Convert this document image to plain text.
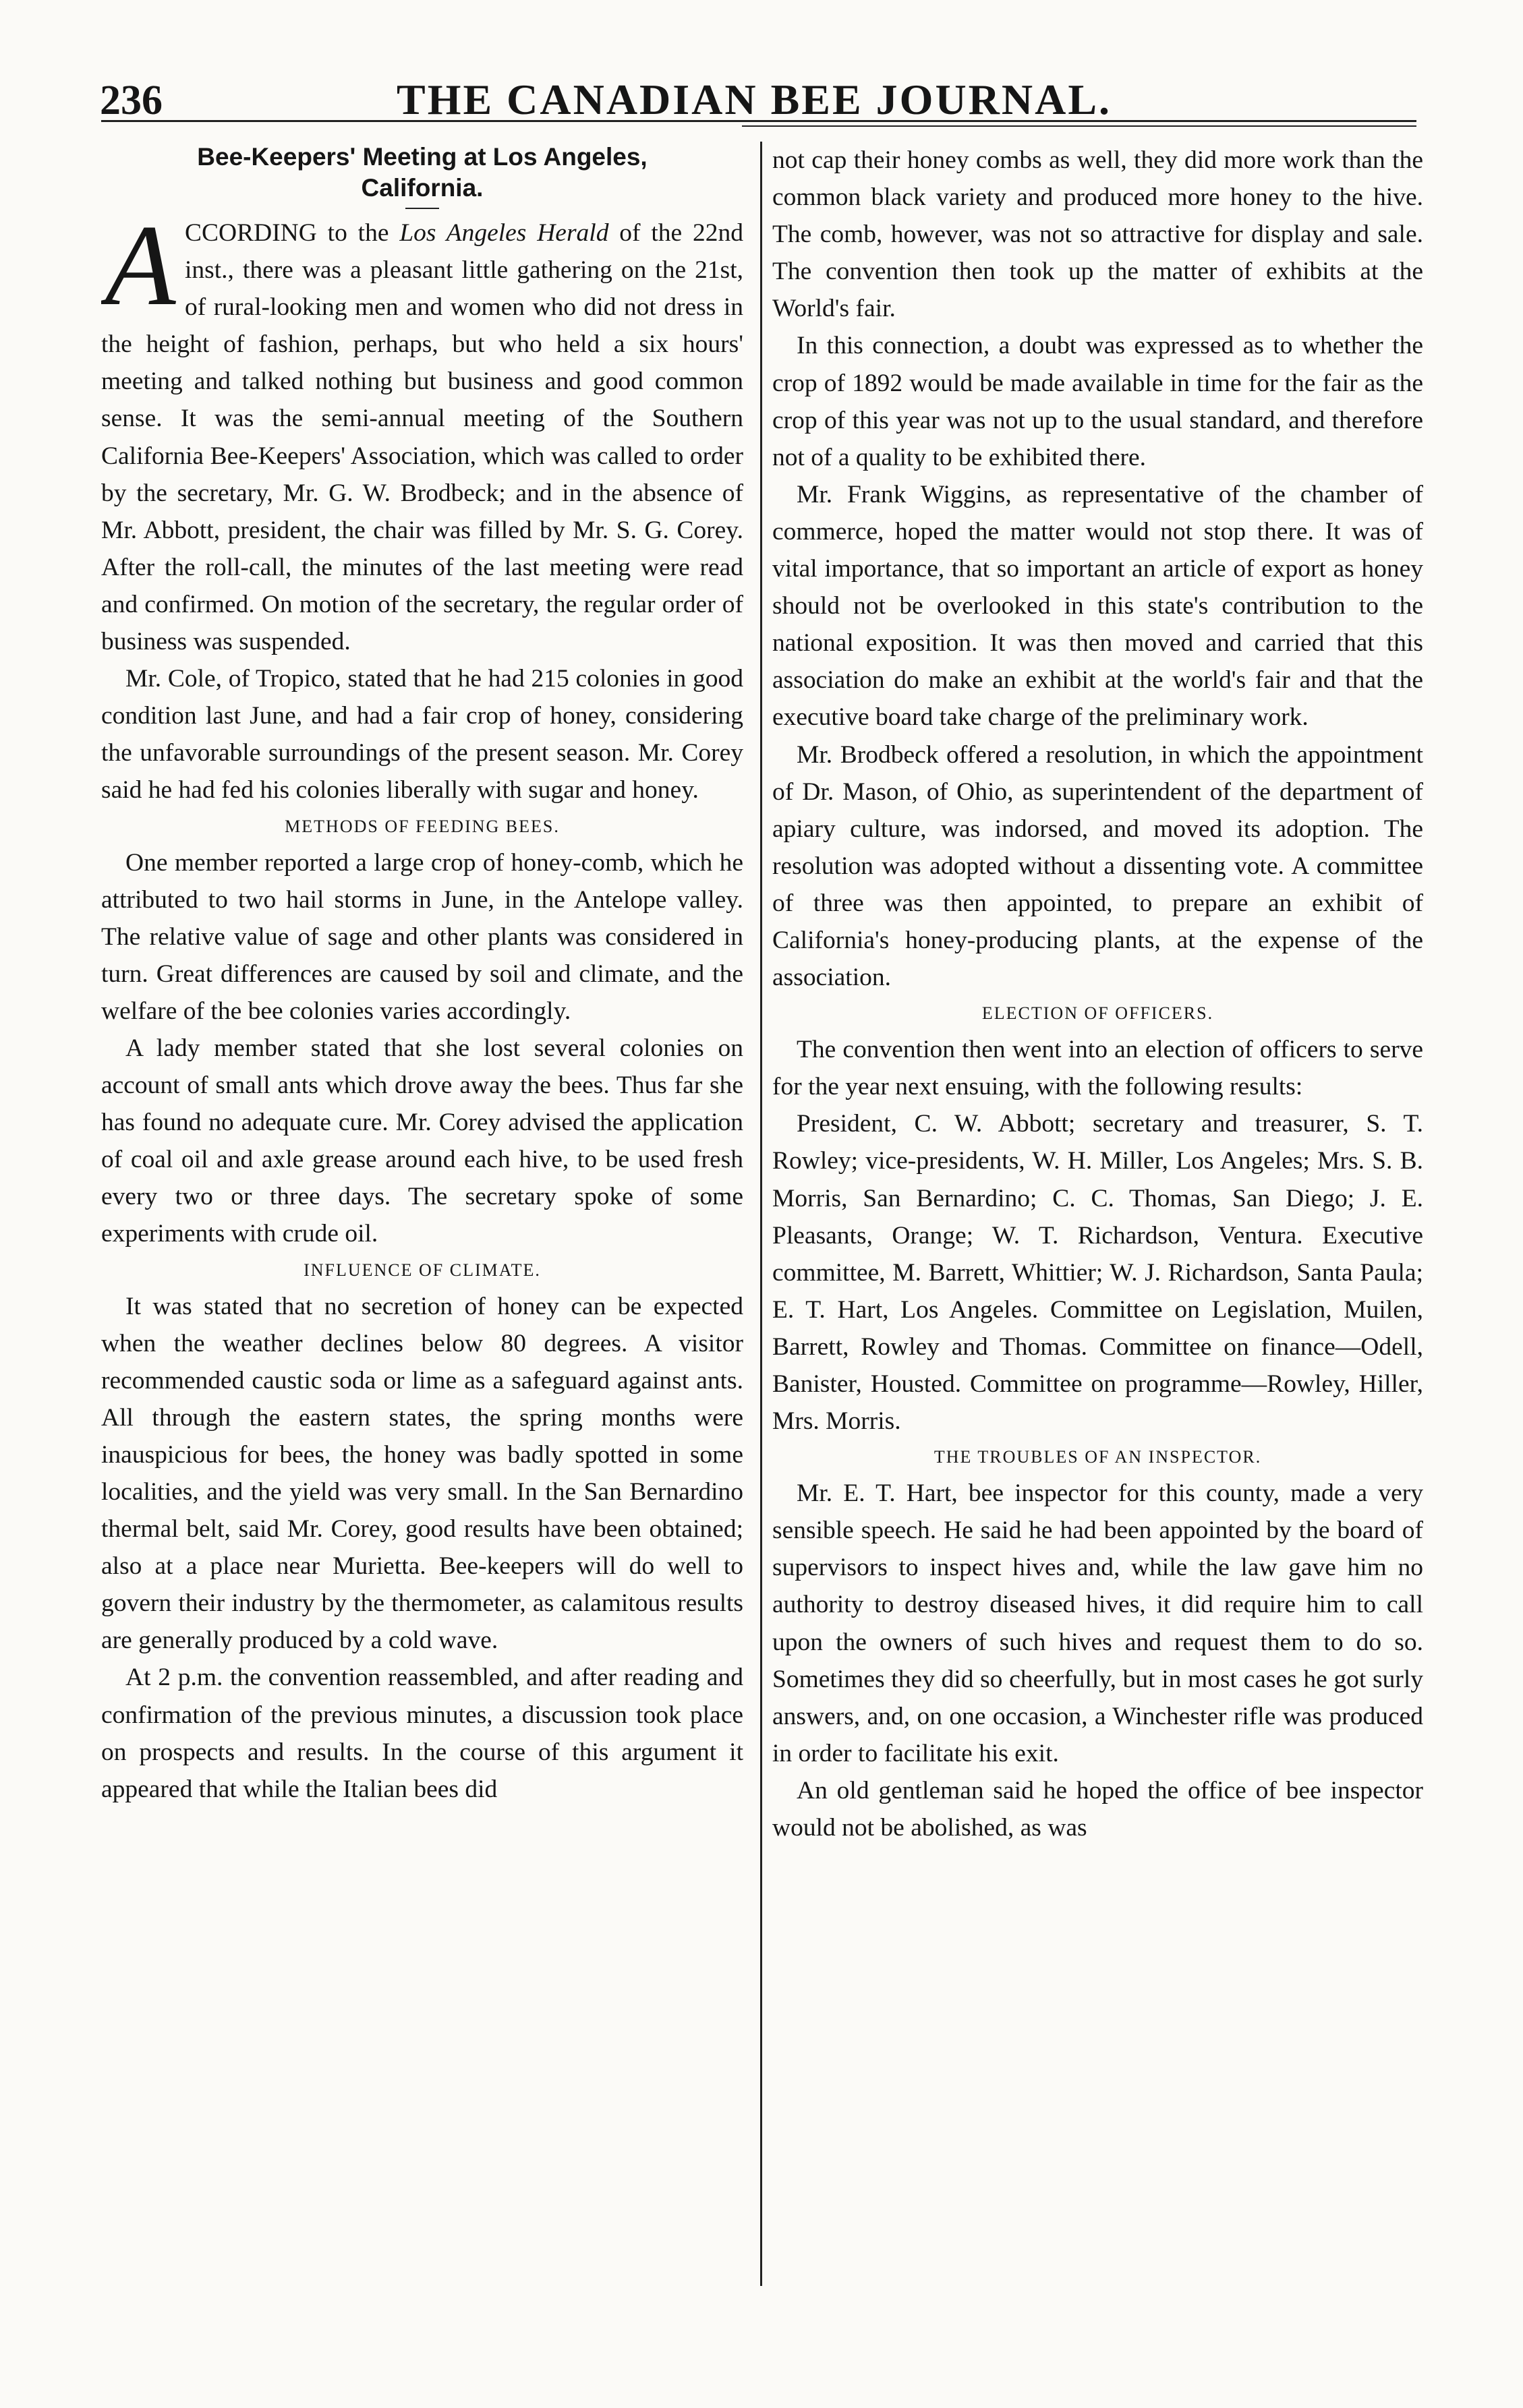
236	THE CANADIAN BEE JOURNAL.
Bee-Keepers' Meeting at Los Angeles,
California.

ACCORDING to the Los Angeles Herald of the 22nd inst., there was a pleasant little gathering on the 21st, of rural-looking men and women who did not dress in the height of fashion, perhaps, but who held a six hours' meeting and talked nothing but business and good common sense. It was the semi-annual meeting of the Southern California Bee-Keepers' Association, which was called to order by the secretary, Mr. G. W. Brodbeck; and in the absence of Mr. Abbott, president, the chair was filled by Mr. S. G. Corey. After the roll-call, the minutes of the last meeting were read and confirmed. On motion of the secretary, the regular order of business was suspended.

Mr. Cole, of Tropico, stated that he had 215 colonies in good condition last June, and had a fair crop of honey, considering the unfavorable surroundings of the present season. Mr. Corey said he had fed his colonies liberally with sugar and honey.

METHODS OF FEEDING BEES.

One member reported a large crop of honey-comb, which he attributed to two hail storms in June, in the Antelope valley. The relative value of sage and other plants was considered in turn. Great differences are caused by soil and climate, and the welfare of the bee colonies varies accordingly.

A lady member stated that she lost several colonies on account of small ants which drove away the bees. Thus far she has found no adequate cure. Mr. Corey advised the application of coal oil and axle grease around each hive, to be used fresh every two or three days. The secretary spoke of some experiments with crude oil.

INFLUENCE OF CLIMATE.

It was stated that no secretion of honey can be expected when the weather declines below 80 degrees. A visitor recommended caustic soda or lime as a safeguard against ants. All through the eastern states, the spring months were inauspicious for bees, the honey was badly spotted in some localities, and the yield was very small. In the San Bernardino thermal belt, said Mr. Corey, good results have been obtained; also at a place near Murietta. Bee-keepers will do well to govern their industry by the thermometer, as calamitous results are generally produced by a cold wave.

At 2 p.m. the convention reassembled, and after reading and confirmation of the previous minutes, a discussion took place on prospects and results. In the course of this argument it appeared that while the Italian bees did

not cap their honey combs as well, they did more work than the common black variety and produced more honey to the hive. The comb, however, was not so attractive for display and sale. The convention then took up the matter of exhibits at the World's fair.

In this connection, a doubt was expressed as to whether the crop of 1892 would be made available in time for the fair as the crop of this year was not up to the usual standard, and therefore not of a quality to be exhibited there.

Mr. Frank Wiggins, as representative of the chamber of commerce, hoped the matter would not stop there. It was of vital importance, that so important an article of export as honey should not be overlooked in this state's contribution to the national exposition. It was then moved and carried that this association do make an exhibit at the world's fair and that the executive board take charge of the preliminary work.

Mr. Brodbeck offered a resolution, in which the appointment of Dr. Mason, of Ohio, as superintendent of the department of apiary culture, was indorsed, and moved its adoption. The resolution was adopted without a dissenting vote. A committee of three was then appointed, to prepare an exhibit of California's honey-producing plants, at the expense of the association.

ELECTION OF OFFICERS.

The convention then went into an election of officers to serve for the year next ensuing, with the following results:

President, C. W. Abbott; secretary and treasurer, S. T. Rowley; vice-presidents, W. H. Miller, Los Angeles; Mrs. S. B. Morris, San Bernardino; C. C. Thomas, San Diego; J. E. Pleasants, Orange; W. T. Richardson, Ventura. Executive committee, M. Barrett, Whittier; W. J. Richardson, Santa Paula; E. T. Hart, Los Angeles. Committee on Legislation, Muilen, Barrett, Rowley and Thomas. Committee on finance—Odell, Banister, Housted. Committee on programme—Rowley, Hiller, Mrs. Morris.

THE TROUBLES OF AN INSPECTOR.

Mr. E. T. Hart, bee inspector for this county, made a very sensible speech. He said he had been appointed by the board of supervisors to inspect hives and, while the law gave him no authority to destroy diseased hives, it did require him to call upon the owners of such hives and request them to do so. Sometimes they did so cheerfully, but in most cases he got surly answers, and, on one occasion, a Winchester rifle was produced in order to facilitate his exit.

An old gentleman said he hoped the office of bee inspector would not be abolished, as was
